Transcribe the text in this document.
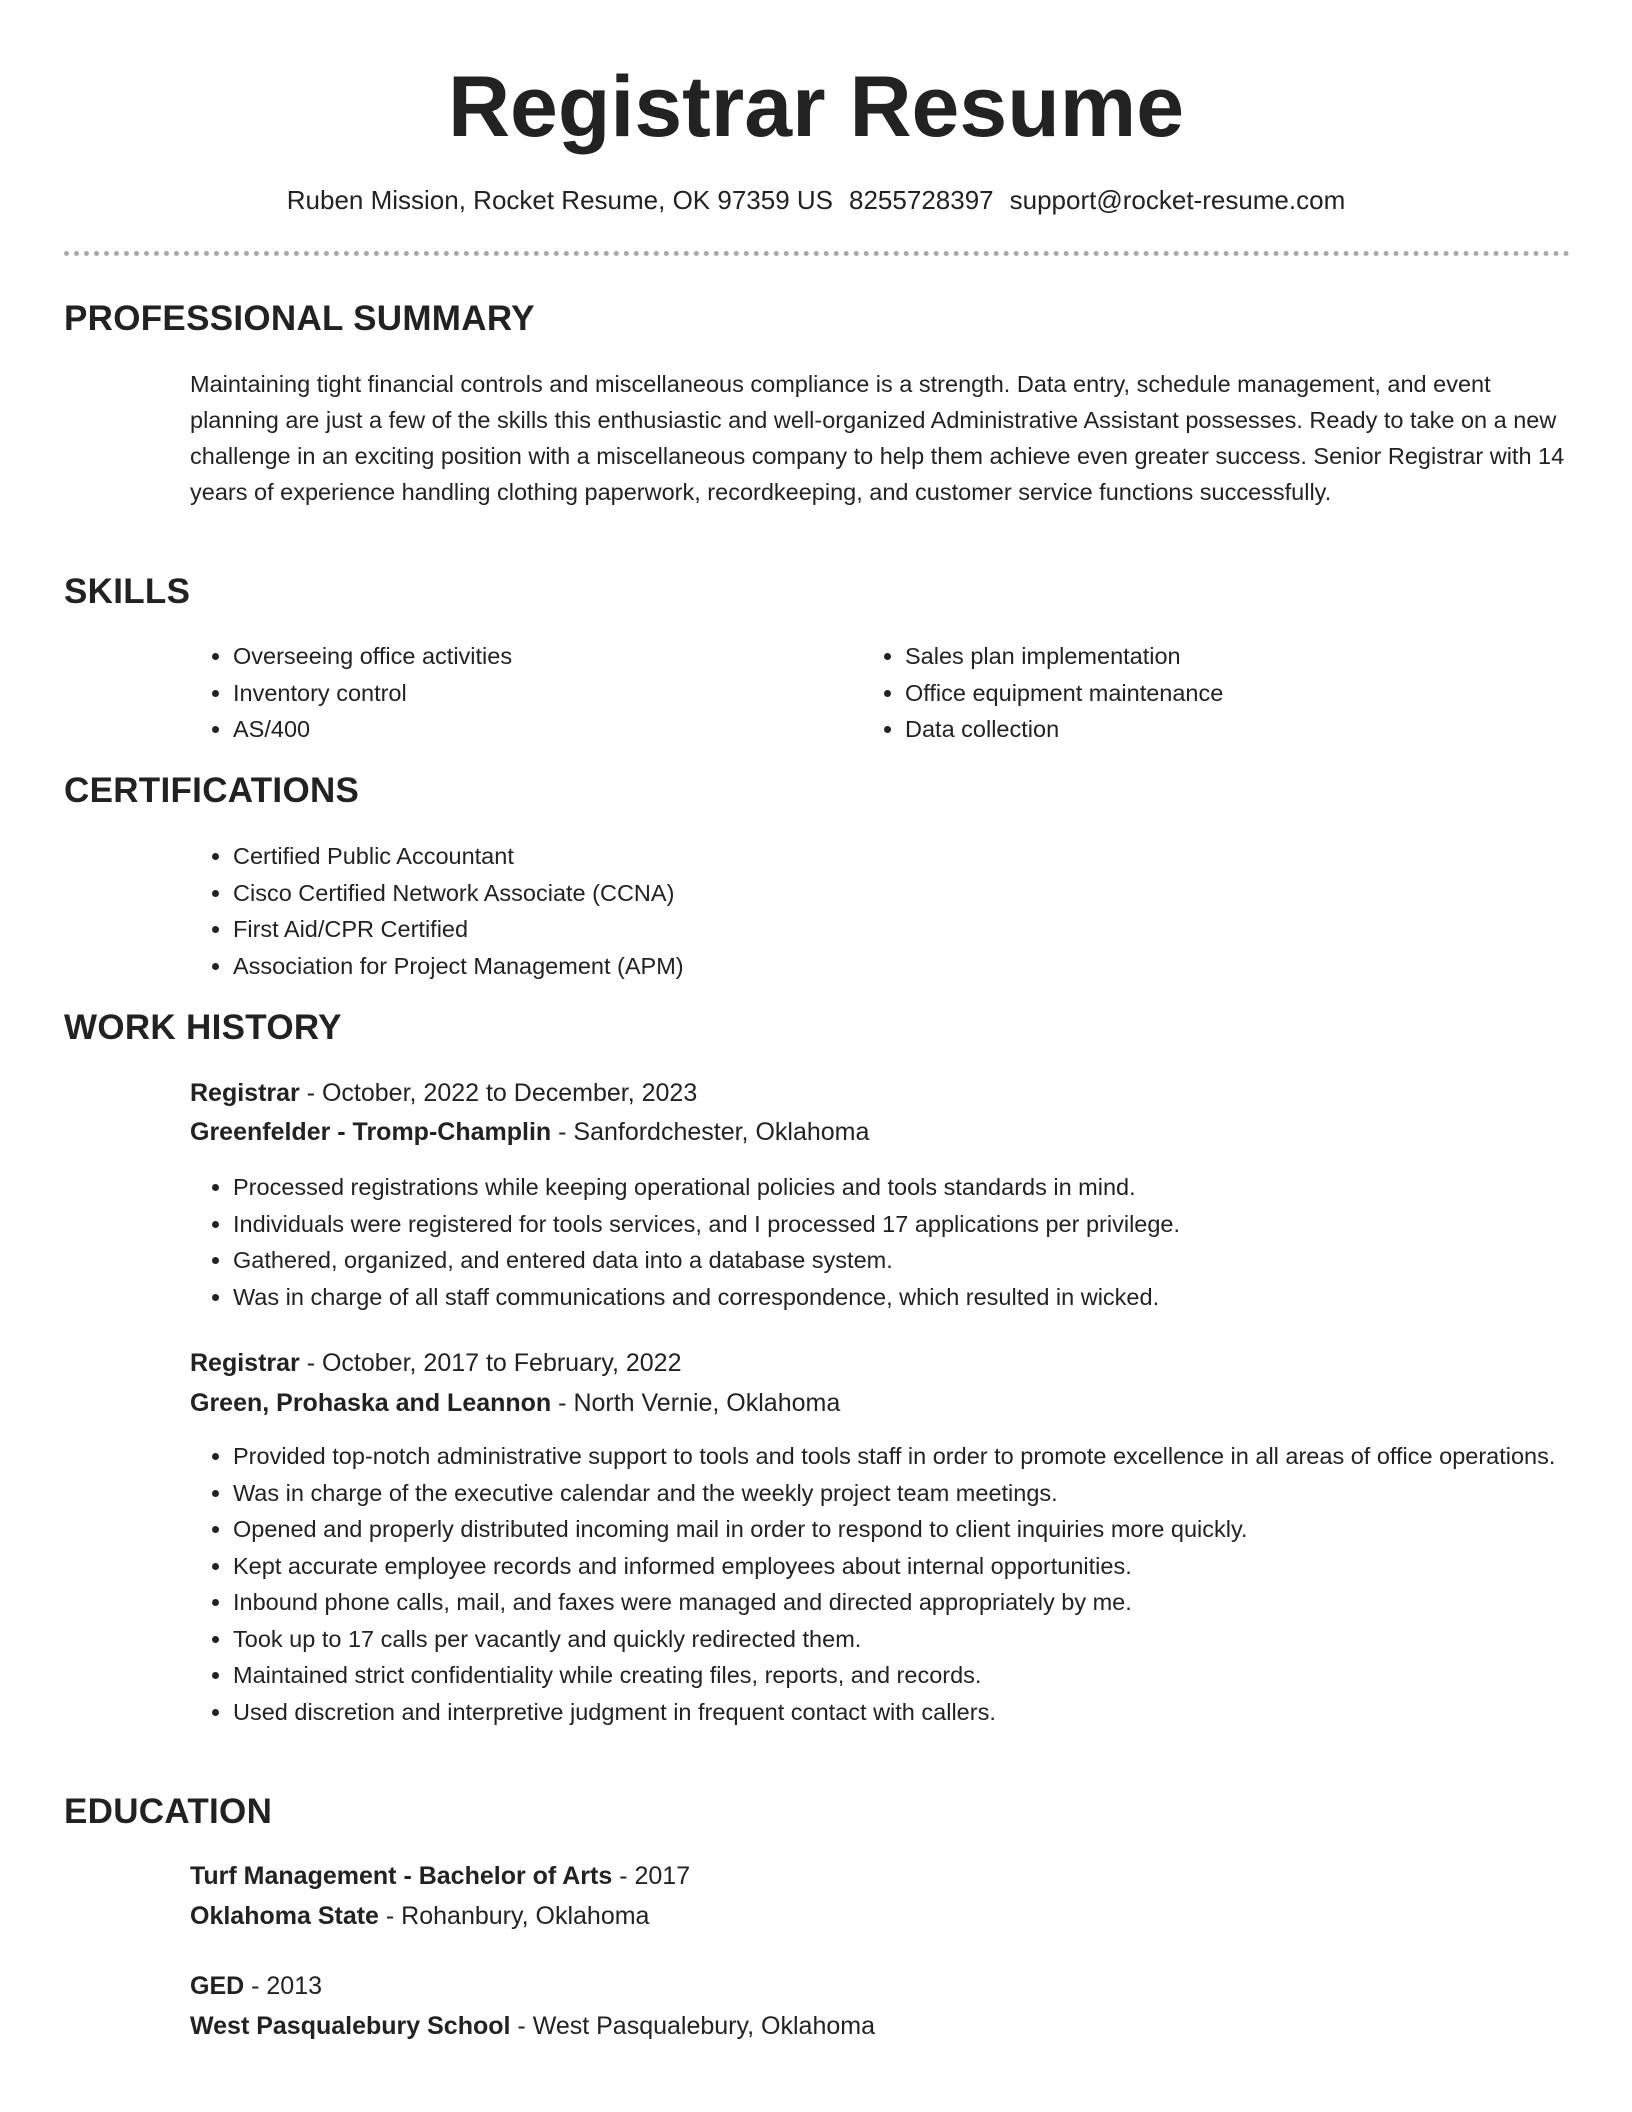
Registrar Resume
Ruben Mission, Rocket Resume, OK 97359 US 8255728397 support@rocket-resume.com
PROFESSIONAL SUMMARY
Maintaining tight financial controls and miscellaneous compliance is a strength. Data entry, schedule management, and event planning are just a few of the skills this enthusiastic and well-organized Administrative Assistant possesses. Ready to take on a new challenge in an exciting position with a miscellaneous company to help them achieve even greater success. Senior Registrar with 14 years of experience handling clothing paperwork, recordkeeping, and customer service functions successfully.
SKILLS
• Overseeing office activities
• Inventory control
• AS/400
• Sales plan implementation
• Office equipment maintenance
• Data collection
CERTIFICATIONS
• Certified Public Accountant
• Cisco Certified Network Associate (CCNA)
• First Aid/CPR Certified
• Association for Project Management (APM)
WORK HISTORY
Registrar - October, 2022 to December, 2023
Greenfelder - Tromp-Champlin - Sanfordchester, Oklahoma
• Processed registrations while keeping operational policies and tools standards in mind.
• Individuals were registered for tools services, and I processed 17 applications per privilege.
• Gathered, organized, and entered data into a database system.
• Was in charge of all staff communications and correspondence, which resulted in wicked.
Registrar - October, 2017 to February, 2022
Green, Prohaska and Leannon - North Vernie, Oklahoma
• Provided top-notch administrative support to tools and tools staff in order to promote excellence in all areas of office operations.
• Was in charge of the executive calendar and the weekly project team meetings.
• Opened and properly distributed incoming mail in order to respond to client inquiries more quickly.
• Kept accurate employee records and informed employees about internal opportunities.
• Inbound phone calls, mail, and faxes were managed and directed appropriately by me.
• Took up to 17 calls per vacantly and quickly redirected them.
• Maintained strict confidentiality while creating files, reports, and records.
• Used discretion and interpretive judgment in frequent contact with callers.
EDUCATION
Turf Management - Bachelor of Arts - 2017
Oklahoma State - Rohanbury, Oklahoma
GED - 2013
West Pasqualebury School - West Pasqualebury, Oklahoma
